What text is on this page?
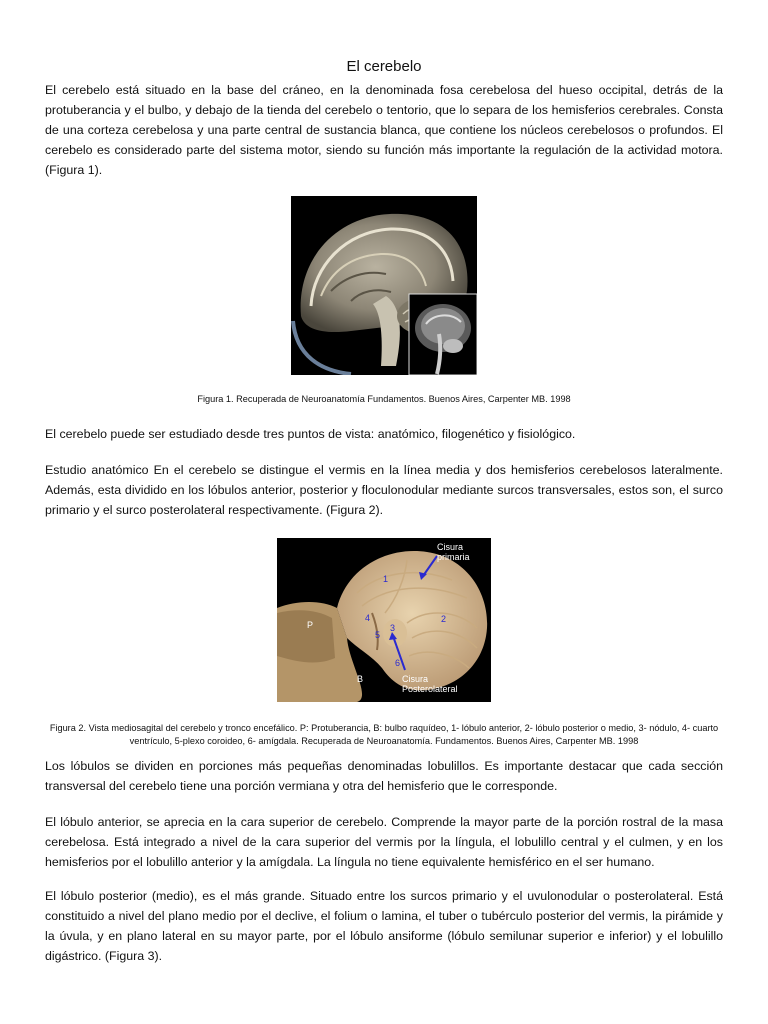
El cerebelo

El cerebelo está situado en la base del cráneo, en la denominada fosa cerebelosa del hueso occipital, detrás de la protuberancia y el bulbo, y debajo de la tienda del cerebelo o tentorio, que lo separa de los hemisferios cerebrales. Consta de una corteza cerebelosa y una parte central de sustancia blanca, que contiene los núcleos cerebelosos o profundos. El cerebelo es considerado parte del sistema motor, siendo su función más importante la regulación de la actividad motora. (Figura 1).

Figura 1. Recuperada de Neuroanatomía Fundamentos. Buenos Aires, Carpenter MB. 1998

El cerebelo puede ser estudiado desde tres puntos de vista: anatómico, filogenético y fisiológico.

Estudio anatómico En el cerebelo se distingue el vermis en la línea media y dos hemisferios cerebelosos lateralmente. Además, esta dividido en los lóbulos anterior, posterior y floculonodular mediante surcos transversales, estos son, el surco primario y el surco posterolateral respectivamente. (Figura 2).

Cisura
primaria
Cisura
Posterolateral
1
2
3
4
5
6
P
B

Figura 2. Vista mediosagital del cerebelo y tronco encefálico. P: Protuberancia, B: bulbo raquídeo, 1- lóbulo anterior, 2- lóbulo posterior o medio, 3- nódulo, 4- cuarto ventrículo, 5-plexo coroideo, 6- amígdala. Recuperada de Neuroanatomía. Fundamentos. Buenos Aires, Carpenter MB. 1998

Los lóbulos se dividen en porciones más pequeñas denominadas lobulillos. Es importante destacar que cada sección transversal del cerebelo tiene una porción vermiana y otra del hemisferio que le corresponde.

El lóbulo anterior, se aprecia en la cara superior de cerebelo. Comprende la mayor parte de la porción rostral de la masa cerebelosa. Está integrado a nivel de la cara superior del vermis por la língula, el lobulillo central y el culmen, y en los hemisferios por el lobulillo anterior y la amígdala. La língula no tiene equivalente hemisférico en el ser humano.

El lóbulo posterior (medio), es el más grande. Situado entre los surcos primario y el uvulonodular o posterolateral. Está constituido a nivel del plano medio por el declive, el folium o lamina, el tuber o tubérculo posterior del vermis, la pirámide y la úvula, y en plano lateral en su mayor parte, por el lóbulo ansiforme (lóbulo semilunar superior e inferior) y el lobulillo digástrico. (Figura 3).
